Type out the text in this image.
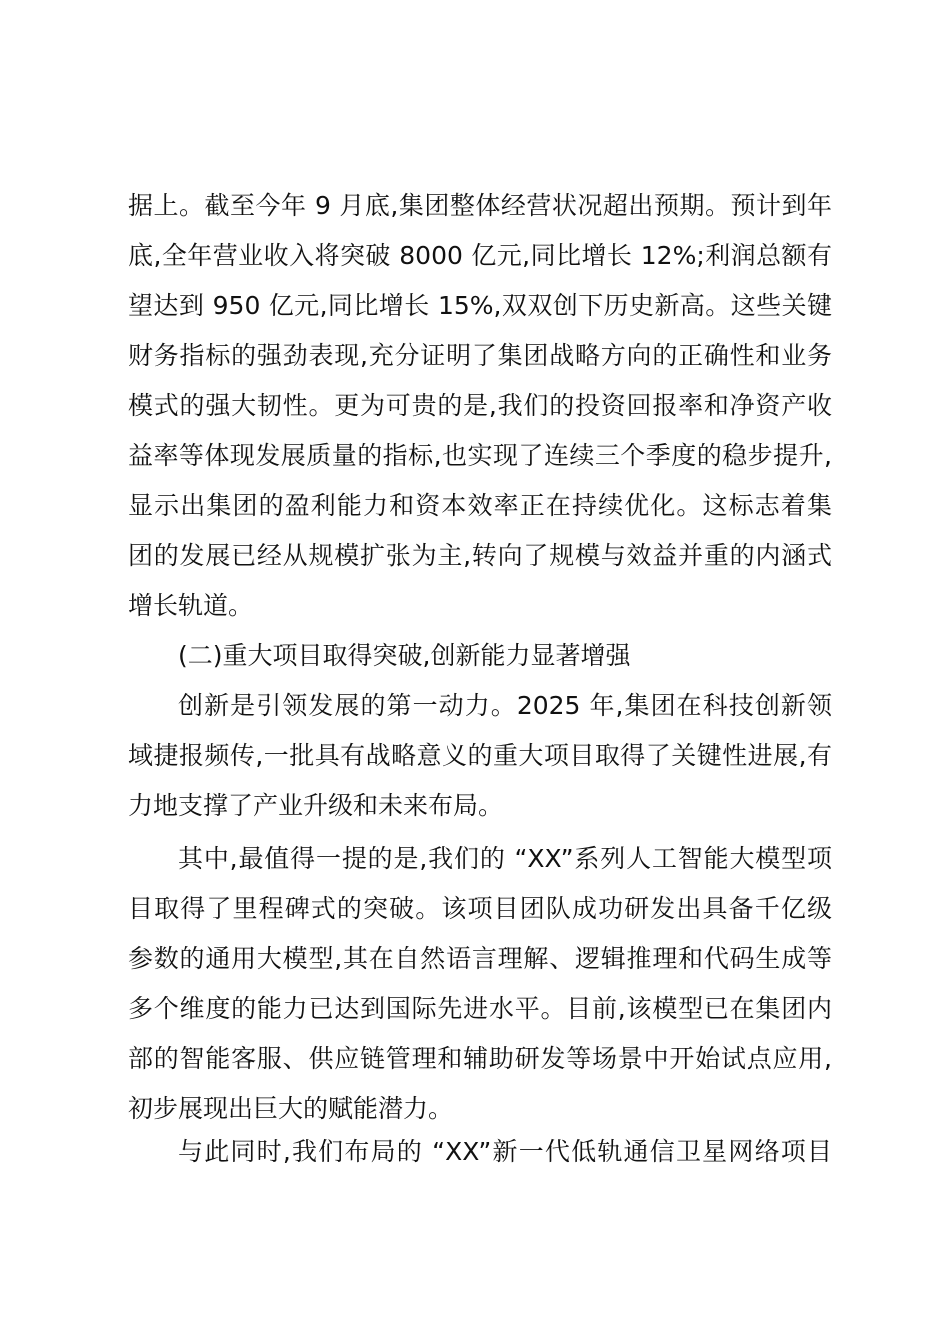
据上。截至今年 9 月底,集团整体经营状况超出预期。预计到年
底,全年营业收入将突破 8000 亿元,同比增长 12%;利润总额有
望达到 950 亿元,同比增长 15%,双双创下历史新高。这些关键
财务指标的强劲表现,充分证明了集团战略方向的正确性和业务
模式的强大韧性。更为可贵的是,我们的投资回报率和净资产收
益率等体现发展质量的指标,也实现了连续三个季度的稳步提升,
显示出集团的盈利能力和资本效率正在持续优化。这标志着集
团的发展已经从规模扩张为主,转向了规模与效益并重的内涵式
增长轨道。
(二)重大项目取得突破,创新能力显著增强
创新是引领发展的第一动力。2025 年,集团在科技创新领
域捷报频传,一批具有战略意义的重大项目取得了关键性进展,有
力地支撑了产业升级和未来布局。
其中,最值得一提的是,我们的 “XX”系列人工智能大模型项
目取得了里程碑式的突破。该项目团队成功研发出具备千亿级
参数的通用大模型,其在自然语言理解、逻辑推理和代码生成等
多个维度的能力已达到国际先进水平。目前,该模型已在集团内
部的智能客服、供应链管理和辅助研发等场景中开始试点应用,
初步展现出巨大的赋能潜力。
与此同时,我们布局的 “XX”新一代低轨通信卫星网络项目
